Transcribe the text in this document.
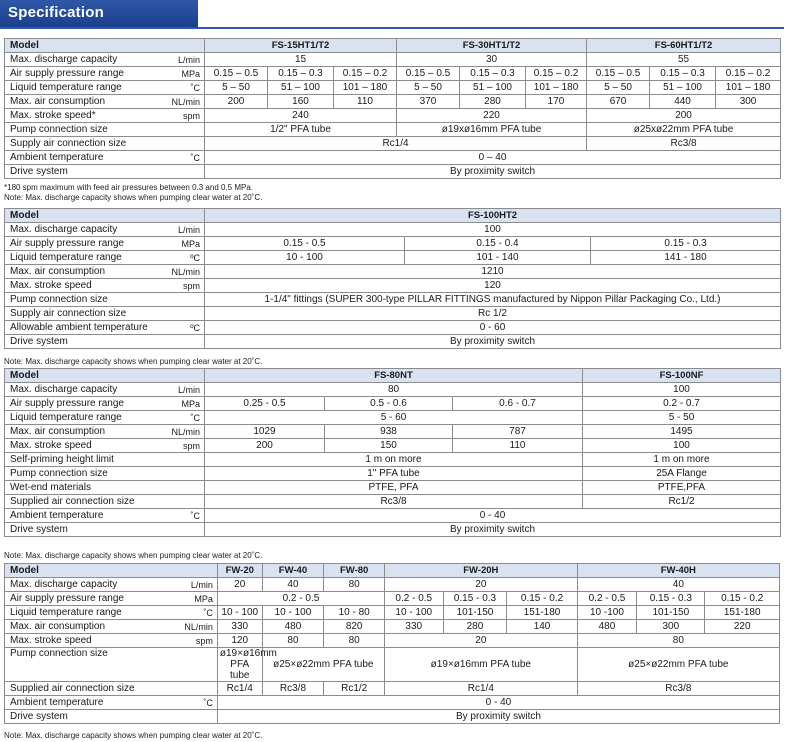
Specification
Model		FS-15HT1/T2			FS-30HT1/T2			FS-60HT1/T2		
Max. discharge capacity	L/min	15			30			55		
Air supply pressure range	MPa	0.15 – 0.5	0.15 – 0.3	0.15 – 0.2	0.15 – 0.5	0.15 – 0.3	0.15 – 0.2	0.15 – 0.5	0.15 – 0.3	0.15 – 0.2
Liquid temperature range	˚C	5 – 50	51 – 100	101 – 180	5 – 50	51 – 100	101 – 180	5 – 50	51 – 100	101 – 180
Max. air consumption	NL/min	200	160	110	370	280	170	670	440	300
Max. stroke speed*	spm	240			220			200		
Pump connection size		1/2" PFA tube			ø19xø16mm PFA tube			ø25xø22mm PFA tube		
Supply air connection size		Rc1/4						Rc3/8		
Ambient temperature	˚C	0 – 40								
Drive system		By proximity switch								
*180 spm maximum with feed air pressures between 0.3 and 0.5 MPa.
Note: Max. discharge capacity shows when pumping clear water at 20˚C.
Model		FS-100HT2		
Max. discharge capacity	L/min	100		
Air supply pressure range	MPa	0.15 - 0.5	0.15 - 0.4	0.15 - 0.3
Liquid temperature range	ºC	10 - 100	101 - 140	141 - 180
Max. air consumption	NL/min	1210		
Max. stroke speed	spm	120		
Pump connection size		1-1/4" fittings (SUPER 300-type PILLAR FITTINGS manufactured by Nippon Pillar Packaging Co., Ltd.)		
Supply air connection size		Rc 1/2		
Allowable ambient temperature	ºC	0 - 60		
Drive system		By proximity switch		
Note: Max. discharge capacity shows when pumping clear water at 20˚C.
Model		FS-80NT			FS-100NF
Max. discharge capacity	L/min	80			100
Air supply pressure range	MPa	0.25 - 0.5	0.5 - 0.6	0.6 - 0.7	0.2 - 0.7
Liquid temperature range	˚C	5 - 60			5 - 50
Max. air consumption	NL/min	1029	938	787	1495
Max. stroke speed	spm	200	150	110	100
Self-priming height limit		1 m on more			1 m on more
Pump connection size		1" PFA tube			25A Flange
Wet-end materials		PTFE, PFA			PTFE,PFA
Supplied air connection size		Rc3/8			Rc1/2
Ambient temperature	˚C	0 - 40			
Drive system		By proximity switch			
Note: Max. discharge capacity shows when pumping clear water at 20˚C.
Model		FW-20	FW-40	FW-80	FW-20H			FW-40H		
Max. discharge capacity	L/min	20	40	80	20			40		
Air supply pressure range	MPa	0.2 - 0.5			0.2 - 0.5	0.15 - 0.3	0.15 - 0.2	0.2 - 0.5	0.15 - 0.3	0.15 - 0.2
Liquid temperature range	˚C	10 - 100	10 - 100	10 - 80	10 - 100	101-150	151-180	10 -100	101-150	151-180
Max. air consumption	NL/min	330	480	820	330	280	140	480	300	220
Max. stroke speed	spm	120	80	80	20			80		
Pump connection size		ø19×ø16mm PFA tube	ø25×ø22mm PFA tube		ø19×ø16mm PFA tube			ø25×ø22mm PFA tube		
Supplied air connection size		Rc1/4	Rc3/8	Rc1/2	Rc1/4			Rc3/8		
Ambient temperature	˚C	0 - 40								
Drive system		By proximity switch								
Note: Max. discharge capacity shows when pumping clear water at 20˚C.
